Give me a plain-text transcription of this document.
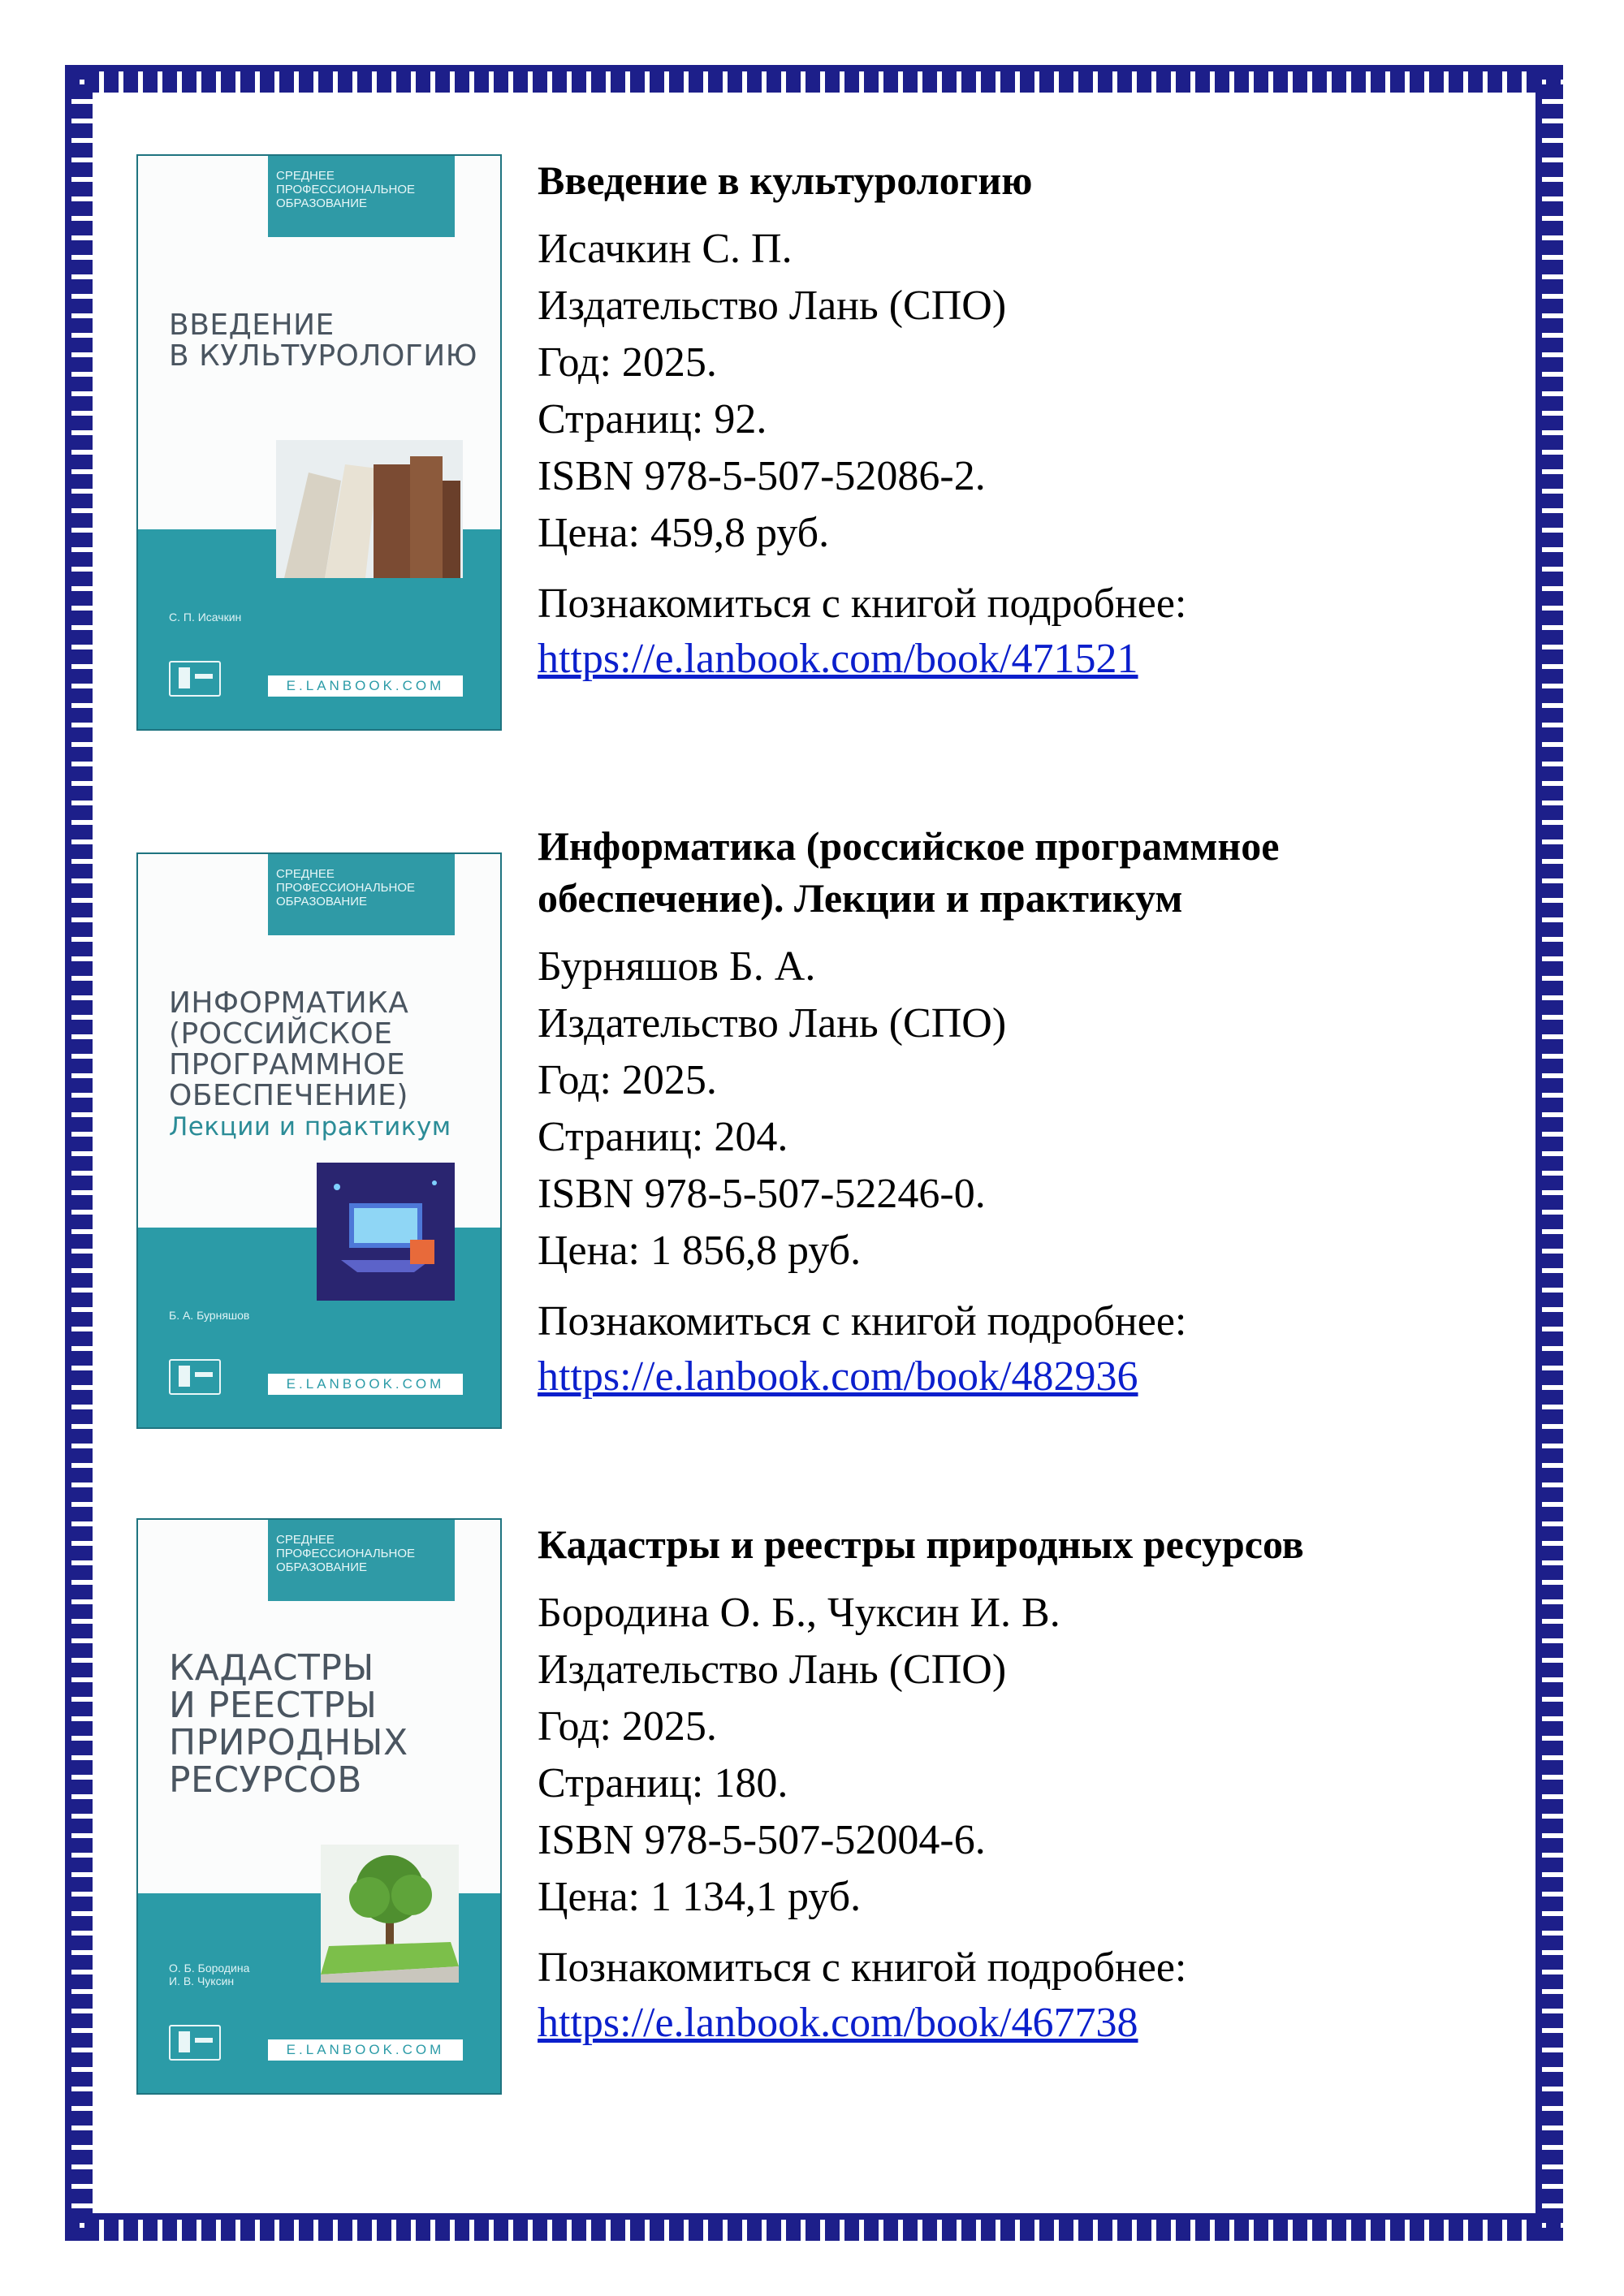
СРЕДНЕЕ ПРОФЕССИОНАЛЬНОЕ ОБРАЗОВАНИЕ
ВВЕДЕНИЕ
В КУЛЬТУРОЛОГИЮ
С. П. Исачкин
E.LANBOOK.COM
Введение в культурологию
Исачкин С. П.
Издательство Лань (СПО)
Год: 2025.
Страниц: 92.
ISBN 978-5-507-52086-2.
Цена: 459,8 руб.
Познакомиться с книгой подробнее:
https://e.lanbook.com/book/471521
СРЕДНЕЕ ПРОФЕССИОНАЛЬНОЕ ОБРАЗОВАНИЕ
ИНФОРМАТИКА
(РОССИЙСКОЕ
ПРОГРАММНОЕ
ОБЕСПЕЧЕНИЕ)
Лекции и практикум
Б. А. Бурняшов
E.LANBOOK.COM
Информатика (российское программное обеспечение). Лекции и практикум
Бурняшов Б. А.
Издательство Лань (СПО)
Год: 2025.
Страниц: 204.
ISBN 978-5-507-52246-0.
Цена: 1 856,8 руб.
Познакомиться с книгой подробнее:
https://e.lanbook.com/book/482936
СРЕДНЕЕ ПРОФЕССИОНАЛЬНОЕ ОБРАЗОВАНИЕ
КАДАСТРЫ
И РЕЕСТРЫ
ПРИРОДНЫХ
РЕСУРСОВ
О. Б. Бородина
И. В. Чуксин
E.LANBOOK.COM
Кадастры и реестры природных ресурсов
Бородина О. Б., Чуксин И. В.
Издательство Лань (СПО)
Год: 2025.
Страниц: 180.
ISBN 978-5-507-52004-6.
Цена: 1 134,1 руб.
Познакомиться с книгой подробнее:
https://e.lanbook.com/book/467738
